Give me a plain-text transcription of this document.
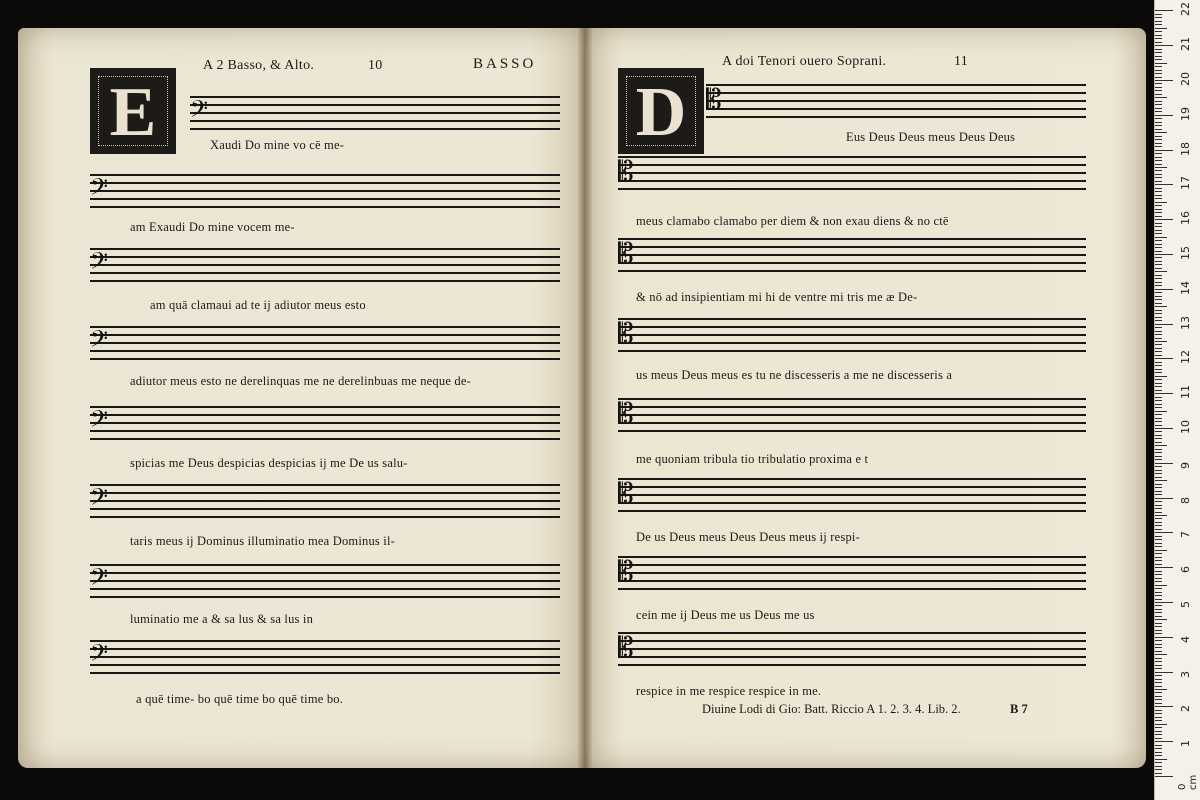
A 2 Basso, & Alto.	10	BASSO
E	𝄢
Xaudi Do mine vo cē me-
𝄢
am Exaudi Do mine vocem me-
𝄢
am quā clamaui ad te ij adiutor meus esto
𝄢
adiutor meus esto ne derelinquas me ne derelinbuas me neque de-
𝄢
spicias me Deus despicias despicias ij me De us salu-
𝄢
taris meus ij Dominus illuminatio mea Dominus il-
𝄢
luminatio me a & sa lus & sa lus in
𝄢
a quē time- bo quē time bo quē time bo.
A doi Tenori ouero Soprani.	11
D 𝄡
Eus Deus Deus meus Deus Deus
𝄡
meus clamabo clamabo per diem & non exau diens & no ctē
𝄡
& nō ad insipientiam mi hi de ventre mi tris me æ De-
𝄡
us meus Deus meus es tu ne discesseris a me ne discesseris a
𝄡
me quoniam tribula tio tribulatio proxima e t
𝄡
De us Deus meus Deus Deus meus ij respi-
𝄡
cein me ij Deus me us Deus me us
𝄡
respice in me respice respice in me.
Diuine Lodi di Gio: Batt. Riccio A 1. 2. 3. 4. Lib. 2.	B 7
1
2
3
4
5
6
7
8
9
10
11
12
13
14
15
16
17
18
19
20
21
22
0 cm
